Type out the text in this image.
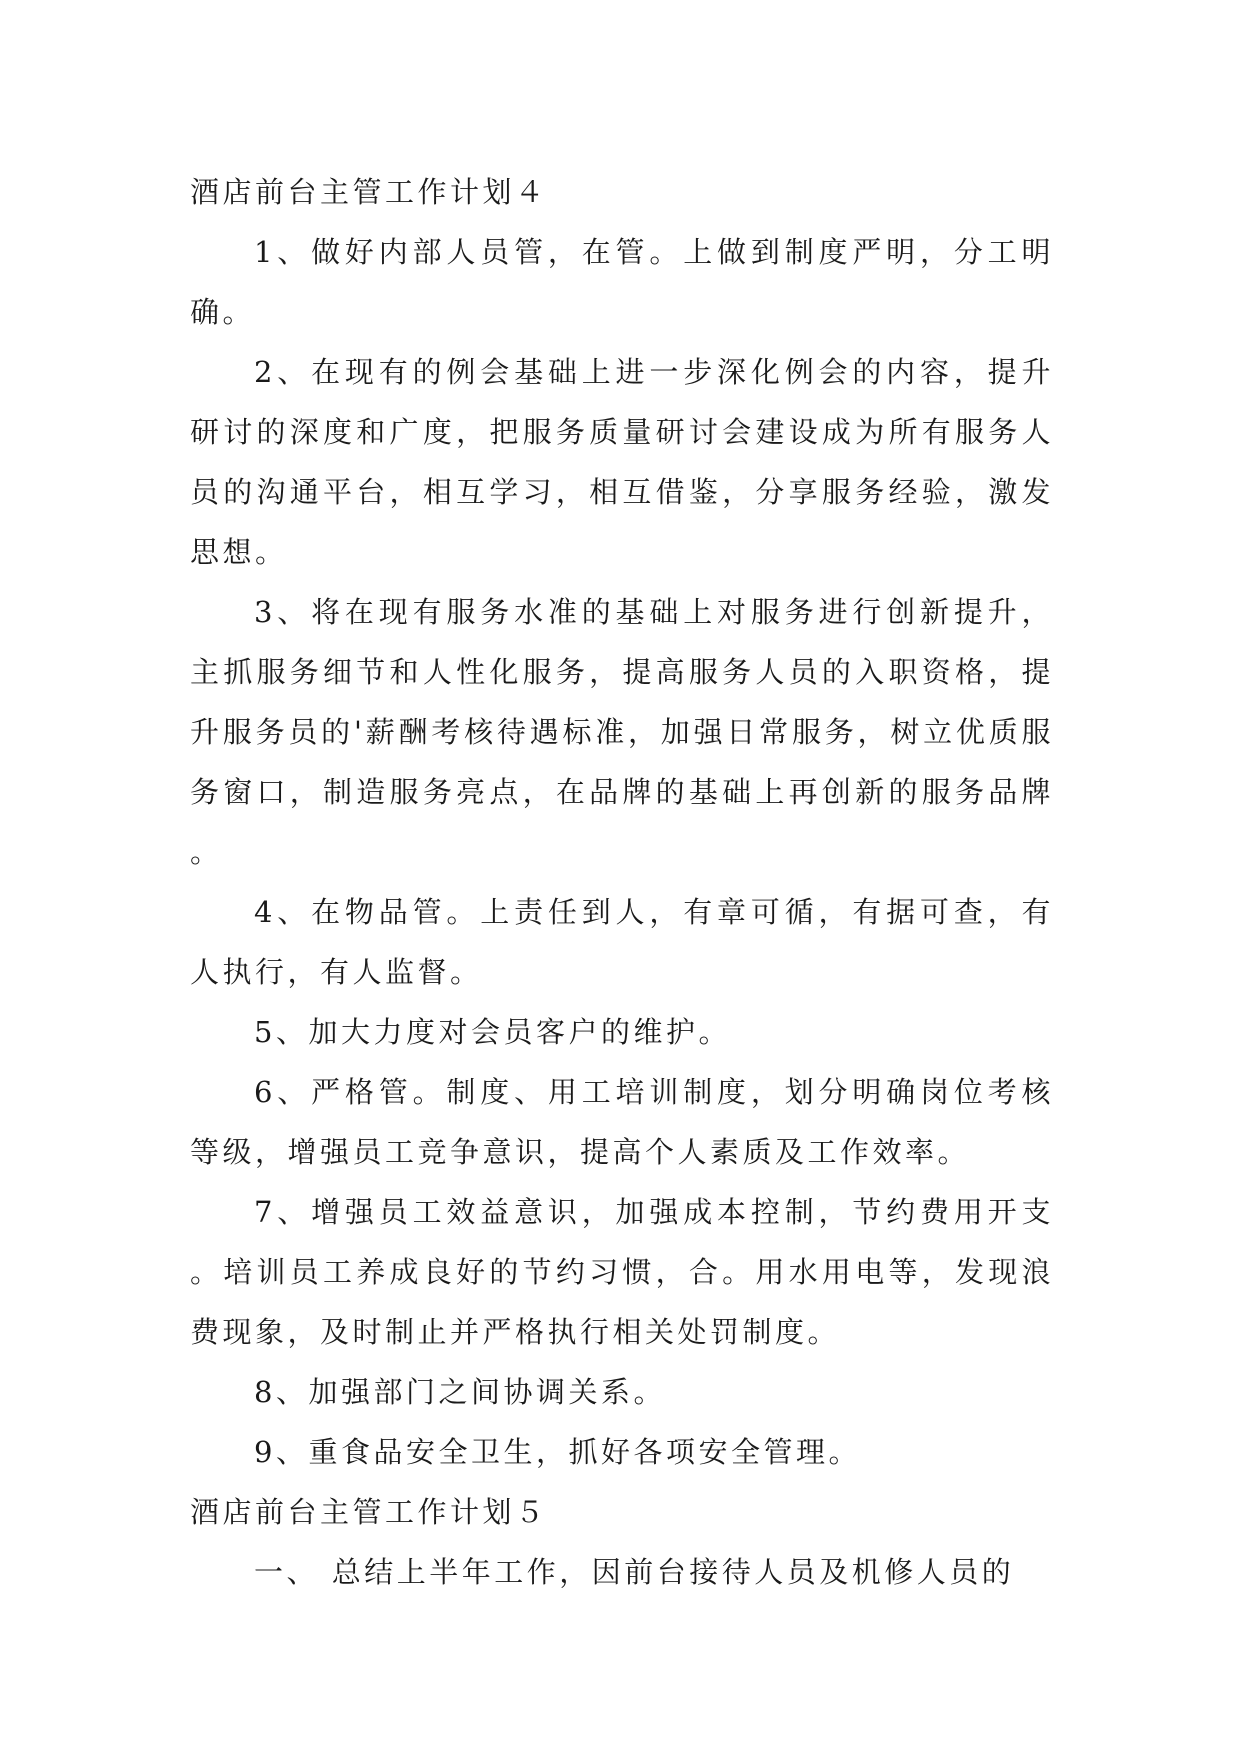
酒店前台主管工作计划４
1、做好内部人员管，在管。上做到制度严明，分工明确。
2、在现有的例会基础上进一步深化例会的内容，提升研讨的深度和广度，把服务质量研讨会建设成为所有服务人员的沟通平台，相互学习，相互借鉴，分享服务经验，激发思想。
3、将在现有服务水准的基础上对服务进行创新提升，主抓服务细节和人性化服务，提高服务人员的入职资格，提升服务员的'薪酬考核待遇标准，加强日常服务，树立优质服务窗口，制造服务亮点，在品牌的基础上再创新的服务品牌。
4、在物品管。上责任到人，有章可循，有据可查，有人执行，有人监督。
5、加大力度对会员客户的维护。
6、严格管。制度、用工培训制度，划分明确岗位考核等级，增强员工竞争意识，提高个人素质及工作效率。
7、增强员工效益意识，加强成本控制，节约费用开支。培训员工养成良好的节约习惯，合。用水用电等，发现浪费现象，及时制止并严格执行相关处罚制度。
8、加强部门之间协调关系。
9、重食品安全卫生，抓好各项安全管理。
酒店前台主管工作计划５
一、 总结上半年工作，因前台接待人员及机修人员的
